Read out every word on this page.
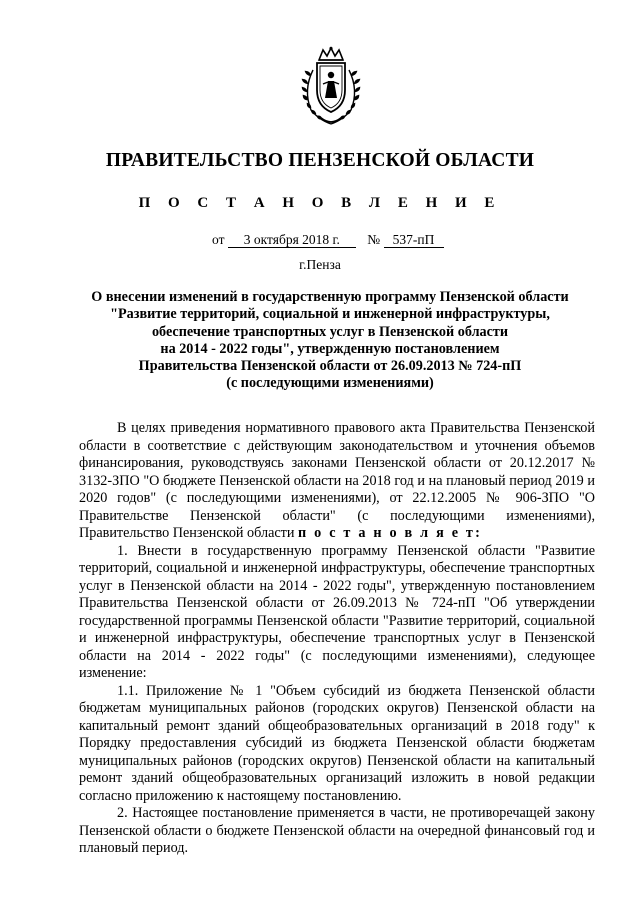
ПРАВИТЕЛЬСТВО ПЕНЗЕНСКОЙ ОБЛАСТИ
П О С Т А Н О В Л Е Н И Е
от 3 октября 2018 г. № 537-пП
г.Пенза
О внесении изменений в государственную программу Пензенской области
"Развитие территорий, социальной и инженерной инфраструктуры,
обеспечение транспортных услуг в Пензенской области
на 2014 - 2022 годы", утвержденную постановлением
Правительства Пензенской области от 26.09.2013 № 724-пП
(с последующими изменениями)

В целях приведения нормативного правового акта Правительства Пензенской области в соответствие с действующим законодательством и уточнения объемов финансирования, руководствуясь законами Пензенской области от 20.12.2017 № 3132-ЗПО "О бюджете Пензенской области на 2018 год и на плановый период 2019 и 2020 годов" (с последующими изменениями), от 22.12.2005 № 906-ЗПО "О Правительстве Пензенской области" (с последующими изменениями), Правительство Пензенской области п о с т а н о в л я е т:

1. Внести в государственную программу Пензенской области "Развитие территорий, социальной и инженерной инфраструктуры, обеспечение транспортных услуг в Пензенской области на 2014 - 2022 годы", утвержденную постановлением Правительства Пензенской области от 26.09.2013 № 724-пП "Об утверждении государственной программы Пензенской области "Развитие территорий, социальной и инженерной инфраструктуры, обеспечение транспортных услуг в Пензенской области на 2014 - 2022 годы" (с последующими изменениями), следующее изменение:

1.1. Приложение № 1 "Объем субсидий из бюджета Пензенской области бюджетам муниципальных районов (городских округов) Пензенской области на капитальный ремонт зданий общеобразовательных организаций в 2018 году" к Порядку предоставления субсидий из бюджета Пензенской области бюджетам муниципальных районов (городских округов) Пензенской области на капитальный ремонт зданий общеобразовательных организаций изложить в новой редакции согласно приложению к настоящему постановлению.

2. Настоящее постановление применяется в части, не противоречащей закону Пензенской области о бюджете Пензенской области на очередной финансовый год и плановый период.
